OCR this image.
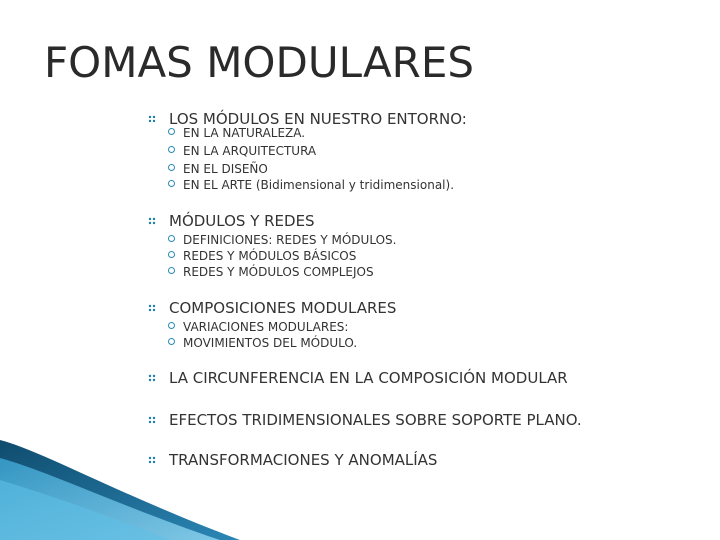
FOMAS MODULARES
LOS MÓDULOS EN NUESTRO ENTORNO:
EN LA NATURALEZA.
EN LA ARQUITECTURA
EN EL DISEÑO
EN EL ARTE (Bidimensional y tridimensional).
MÓDULOS Y REDES
DEFINICIONES: REDES Y MÓDULOS.
REDES Y MÓDULOS BÁSICOS
REDES Y MÓDULOS COMPLEJOS
COMPOSICIONES MODULARES
VARIACIONES MODULARES:
MOVIMIENTOS DEL MÓDULO.
LA CIRCUNFERENCIA EN LA COMPOSICIÓN MODULAR
EFECTOS TRIDIMENSIONALES SOBRE SOPORTE PLANO.
TRANSFORMACIONES Y ANOMALÍAS
